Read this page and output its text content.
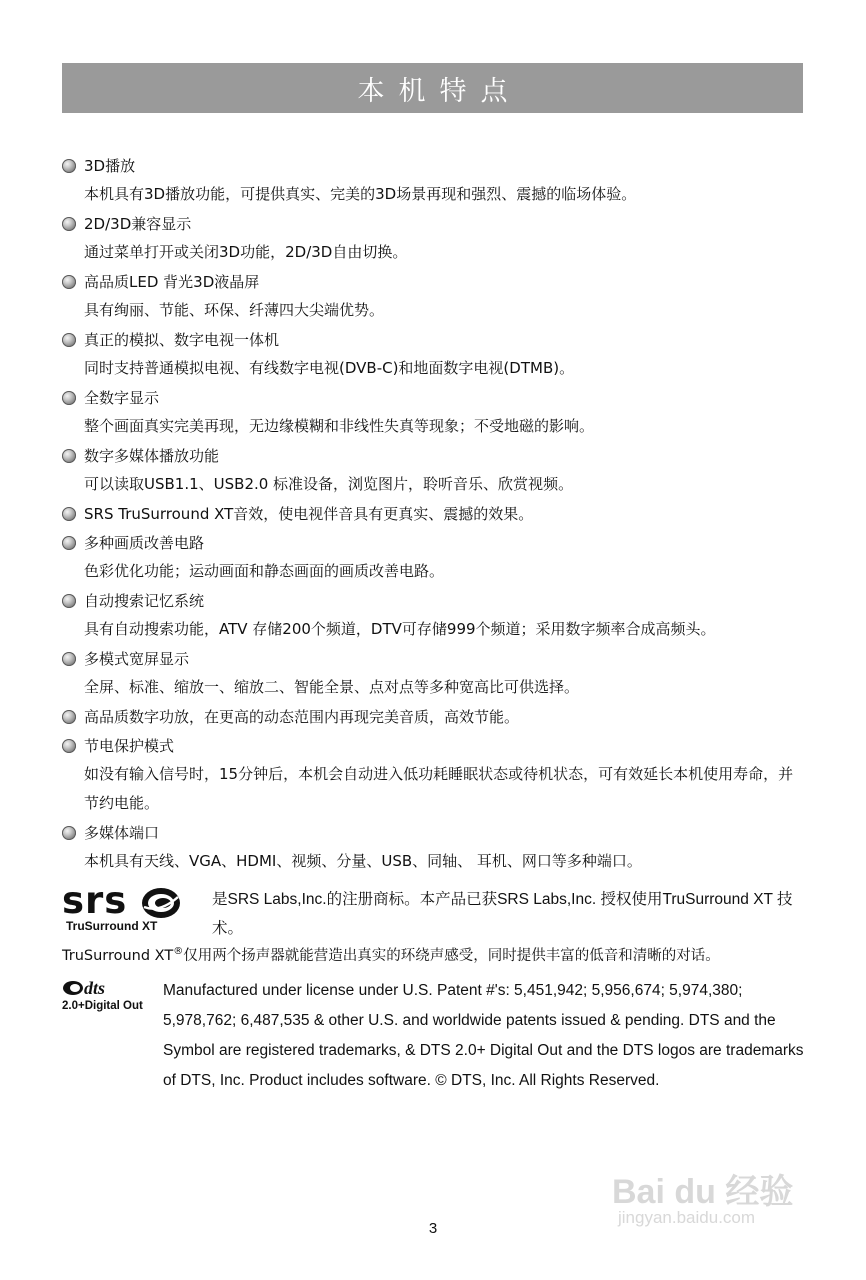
本机特点
3D播放
本机具有3D播放功能，可提供真实、完美的3D场景再现和强烈、震撼的临场体验。
2D/3D兼容显示
通过菜单打开或关闭3D功能，2D/3D自由切换。
高品质LED 背光3D液晶屏
具有绚丽、节能、环保、纤薄四大尖端优势。
真正的模拟、数字电视一体机
同时支持普通模拟电视、有线数字电视(DVB-C)和地面数字电视(DTMB)。
全数字显示
整个画面真实完美再现，无边缘模糊和非线性失真等现象；不受地磁的影响。
数字多媒体播放功能
可以读取USB1.1、USB2.0 标准设备，浏览图片，聆听音乐、欣赏视频。
SRS TruSurround XT音效，使电视伴音具有更真实、震撼的效果。
多种画质改善电路
色彩优化功能；运动画面和静态画面的画质改善电路。
自动搜索记忆系统
具有自动搜索功能，ATV 存储200个频道，DTV可存储999个频道；采用数字频率合成高频头。
多模式宽屏显示
全屏、标准、缩放一、缩放二、智能全景、点对点等多种宽高比可供选择。
高品质数字功放，在更高的动态范围内再现完美音质，高效节能。
节电保护模式
如没有输入信号时，15分钟后，本机会自动进入低功耗睡眠状态或待机状态，可有效延长本机使用寿命，并节约电能。
多媒体端口
本机具有天线、VGA、HDMI、视频、分量、USB、同轴、 耳机、网口等多种端口。
srs
TruSurround XT
是SRS Labs,Inc.的注册商标。本产品已获SRS Labs,Inc. 授权使用TruSurround XT 技术。
TruSurround XT®仅用两个扬声器就能营造出真实的环绕声感受，同时提供丰富的低音和清晰的对话。
dts
2.0+Digital Out
Manufactured under license under U.S. Patent #'s: 5,451,942; 5,956,674; 5,974,380; 5,978,762; 6,487,535 & other U.S. and worldwide patents issued & pending. DTS and the Symbol are registered trademarks, & DTS 2.0+ Digital Out and the DTS logos are trademarks of DTS, Inc. Product includes software. © DTS, Inc. All Rights Reserved.
Bai du 经验
jingyan.baidu.com
3
